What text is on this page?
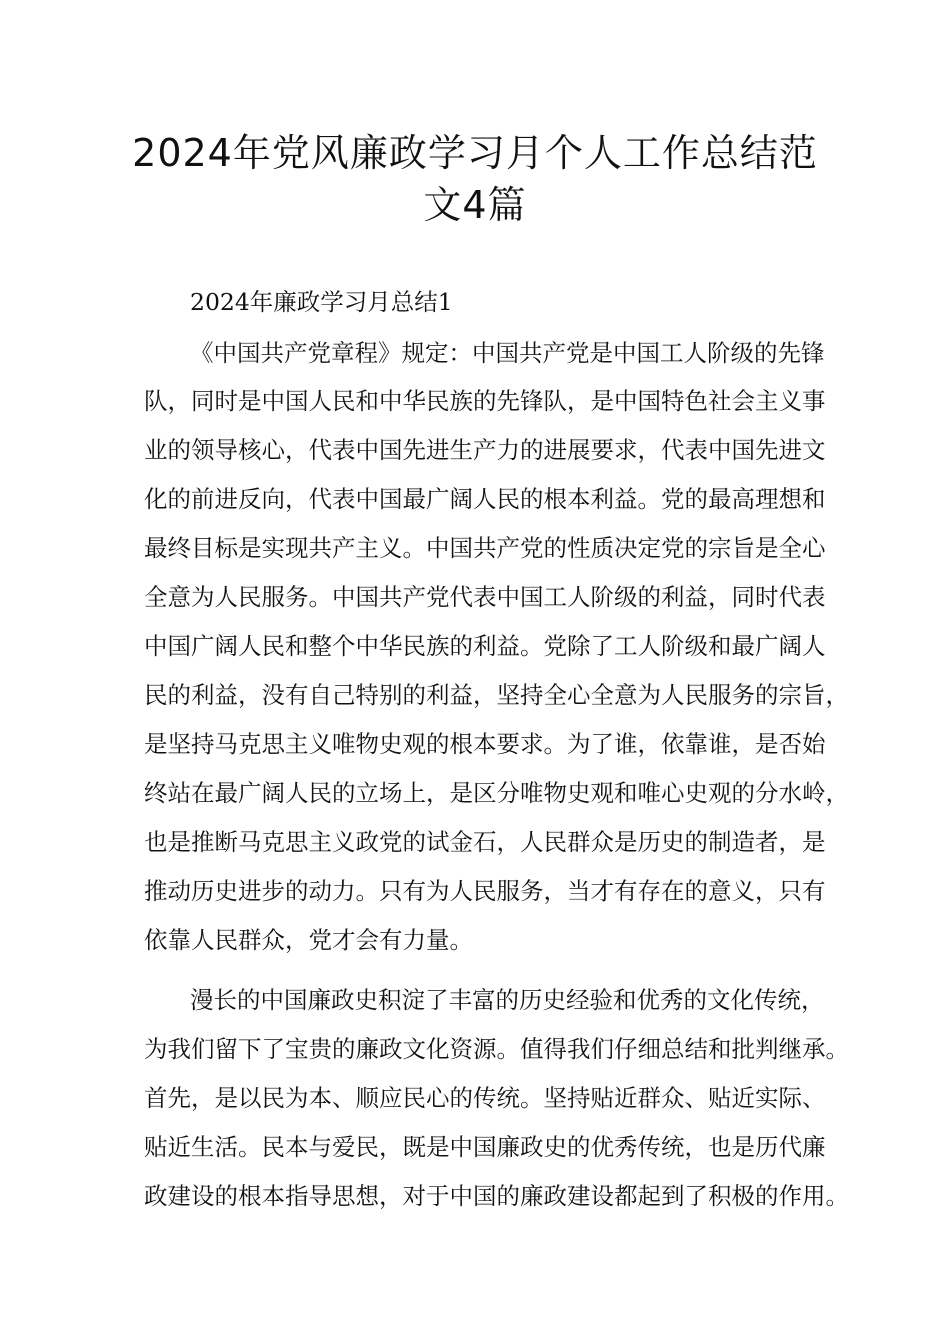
2024年党风廉政学习月个人工作总结范
文4篇

2024年廉政学习月总结1

《中国共产党章程》规定：中国共产党是中国工人阶级的先锋

队，同时是中国人民和中华民族的先锋队，是中国特色社会主义事

业的领导核心，代表中国先进生产力的进展要求，代表中国先进文

化的前进反向，代表中国最广阔人民的根本利益。党的最高理想和

最终目标是实现共产主义。中国共产党的性质决定党的宗旨是全心

全意为人民服务。中国共产党代表中国工人阶级的利益，同时代表

中国广阔人民和整个中华民族的利益。党除了工人阶级和最广阔人

民的利益，没有自己特别的利益，坚持全心全意为人民服务的宗旨，

是坚持马克思主义唯物史观的根本要求。为了谁，依靠谁，是否始

终站在最广阔人民的立场上，是区分唯物史观和唯心史观的分水岭，

也是推断马克思主义政党的试金石，人民群众是历史的制造者，是

推动历史进步的动力。只有为人民服务，当才有存在的意义，只有

依靠人民群众，党才会有力量。

漫长的中国廉政史积淀了丰富的历史经验和优秀的文化传统，

为我们留下了宝贵的廉政文化资源。值得我们仔细总结和批判继承。

首先，是以民为本、顺应民心的传统。坚持贴近群众、贴近实际、

贴近生活。民本与爱民，既是中国廉政史的优秀传统，也是历代廉

政建设的根本指导思想，对于中国的廉政建设都起到了积极的作用。
